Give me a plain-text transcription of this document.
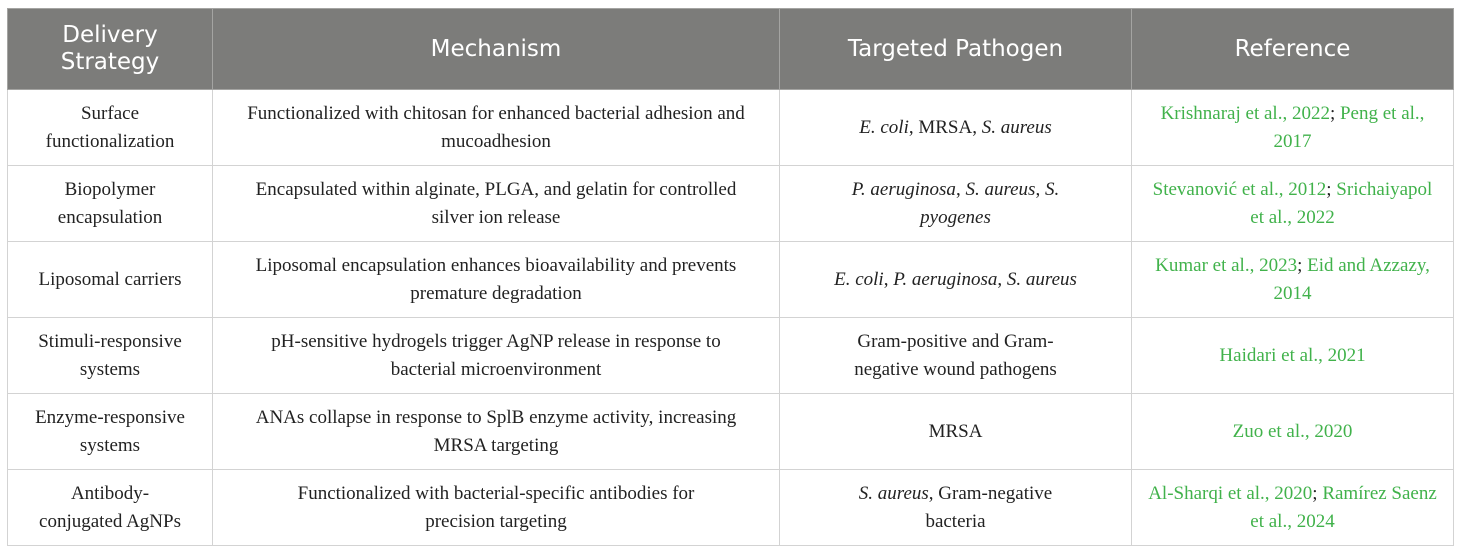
Delivery Strategy	Mechanism	Targeted Pathogen	Reference
Surface functionalization	Functionalized with chitosan for enhanced bacterial adhesion and mucoadhesion	E. coli, MRSA, S. aureus	Krishnaraj et al., 2022; Peng et al., 2017
Biopolymer encapsulation	Encapsulated within alginate, PLGA, and gelatin for controlled silver ion release	P. aeruginosa, S. aureus, S. pyogenes	Stevanović et al., 2012; Srichaiyapol et al., 2022
Liposomal carriers	Liposomal encapsulation enhances bioavailability and prevents premature degradation	E. coli, P. aeruginosa, S. aureus	Kumar et al., 2023; Eid and Azzazy, 2014
Stimuli-responsive systems	pH-sensitive hydrogels trigger AgNP release in response to bacterial microenvironment	Gram-positive and Gram-negative wound pathogens	Haidari et al., 2021
Enzyme-responsive systems	ANAs collapse in response to SplB enzyme activity, increasing MRSA targeting	MRSA	Zuo et al., 2020
Antibody-conjugated AgNPs	Functionalized with bacterial-specific antibodies for precision targeting	S. aureus, Gram-negative bacteria	Al-Sharqi et al., 2020; Ramírez Saenz et al., 2024
